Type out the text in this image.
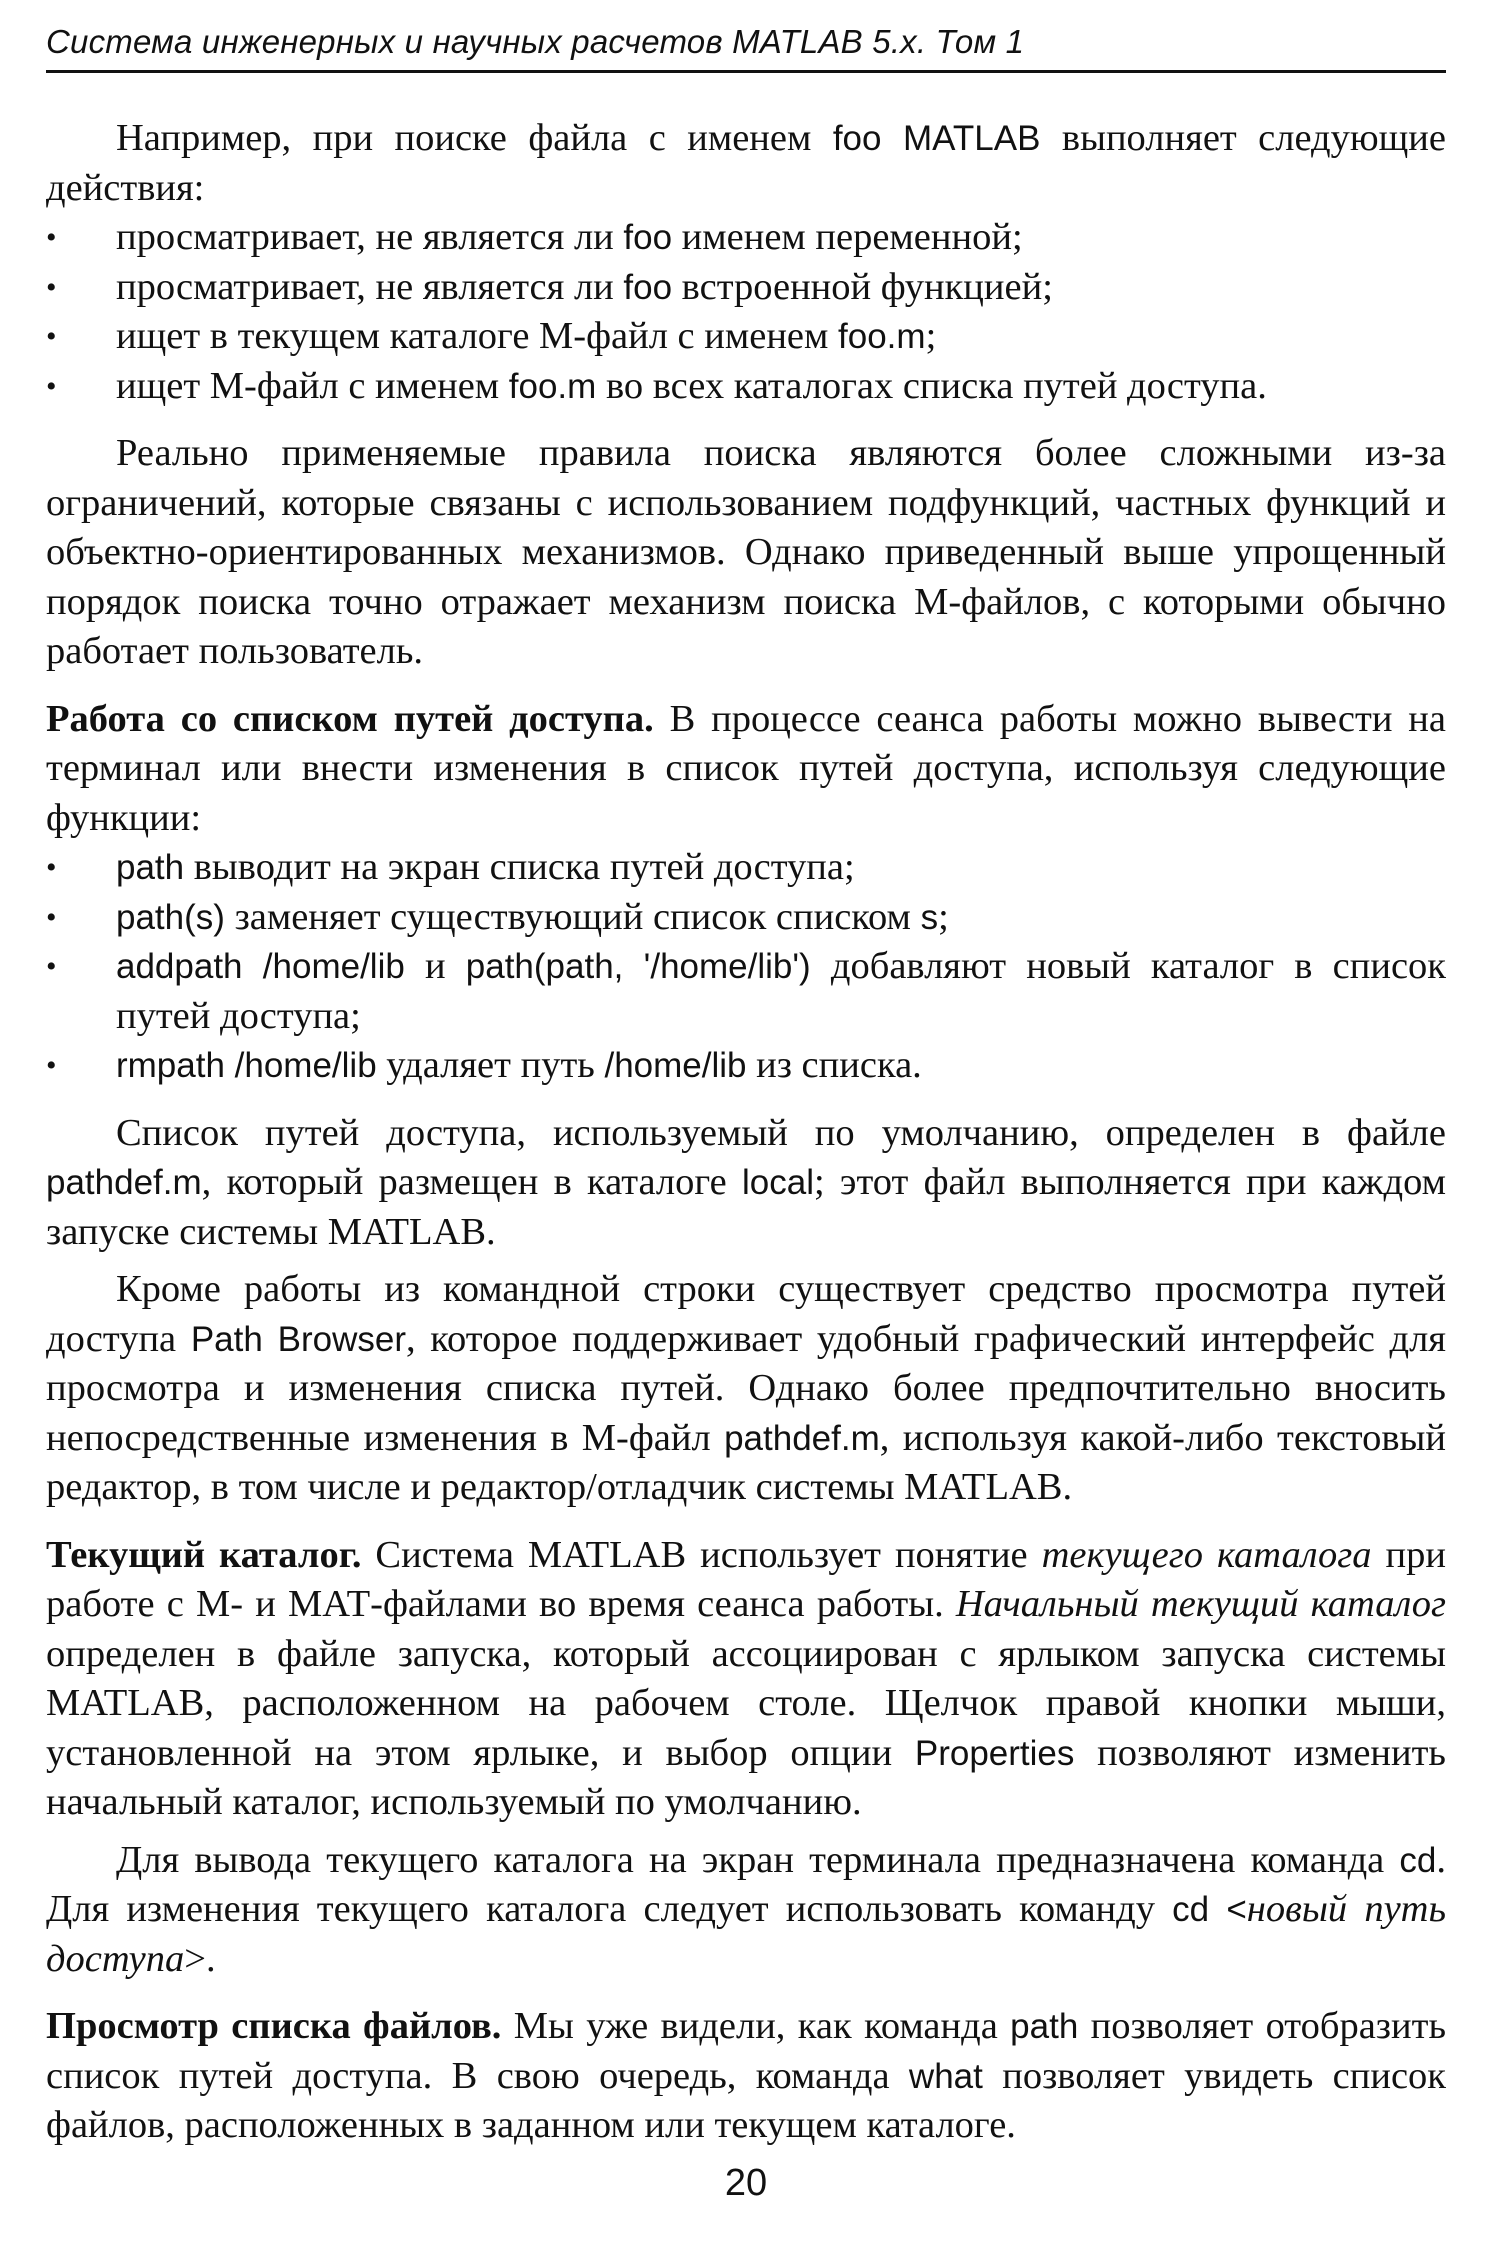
Система инженерных и научных расчетов MATLAB 5.x. Том 1

Например, при поиске файла с именем foo MATLAB выполняет следующие действия:

• просматривает, не является ли foo именем переменной;
• просматривает, не является ли foo встроенной функцией;
• ищет в текущем каталоге М-файл с именем foo.m;
• ищет М-файл с именем foo.m во всех каталогах списка путей доступа.

Реально применяемые правила поиска являются более сложными из-за ограничений, которые связаны с использованием подфункций, частных функций и объектно-ориентированных механизмов. Однако приведенный выше упрощенный порядок поиска точно отражает механизм поиска М-файлов, с которыми обычно работает пользователь.

Работа со списком путей доступа. В процессе сеанса работы можно вывести на терминал или внести изменения в список путей доступа, используя следующие функции:

• path выводит на экран списка путей доступа;
• path(s) заменяет существующий список списком s;
• addpath /home/lib и path(path, '/home/lib') добавляют новый каталог в список путей доступа;
• rmpath /home/lib удаляет путь /home/lib из списка.

Список путей доступа, используемый по умолчанию, определен в файле pathdef.m, который размещен в каталоге local; этот файл выполняется при каждом запуске системы MATLAB.

Кроме работы из командной строки существует средство просмотра путей доступа Path Browser, которое поддерживает удобный графический интерфейс для просмотра и изменения списка путей. Однако более предпочтительно вносить непосредственные изменения в М-файл pathdef.m, используя какой-либо текстовый редактор, в том числе и редактор/отладчик системы MATLAB.

Текущий каталог. Система MATLAB использует понятие текущего каталога при работе с М- и МАТ-файлами во время сеанса работы. Начальный текущий каталог определен в файле запуска, который ассоциирован с ярлыком запуска системы MATLAB, расположенном на рабочем столе. Щелчок правой кнопки мыши, установленной на этом ярлыке, и выбор опции Properties позволяют изменить начальный каталог, используемый по умолчанию.

Для вывода текущего каталога на экран терминала предназначена команда cd. Для изменения текущего каталога следует использовать команду cd <новый путь доступа>.

Просмотр списка файлов. Мы уже видели, как команда path позволяет отобразить список путей доступа. В свою очередь, команда what позволяет увидеть список файлов, расположенных в заданном или текущем каталоге.

20
